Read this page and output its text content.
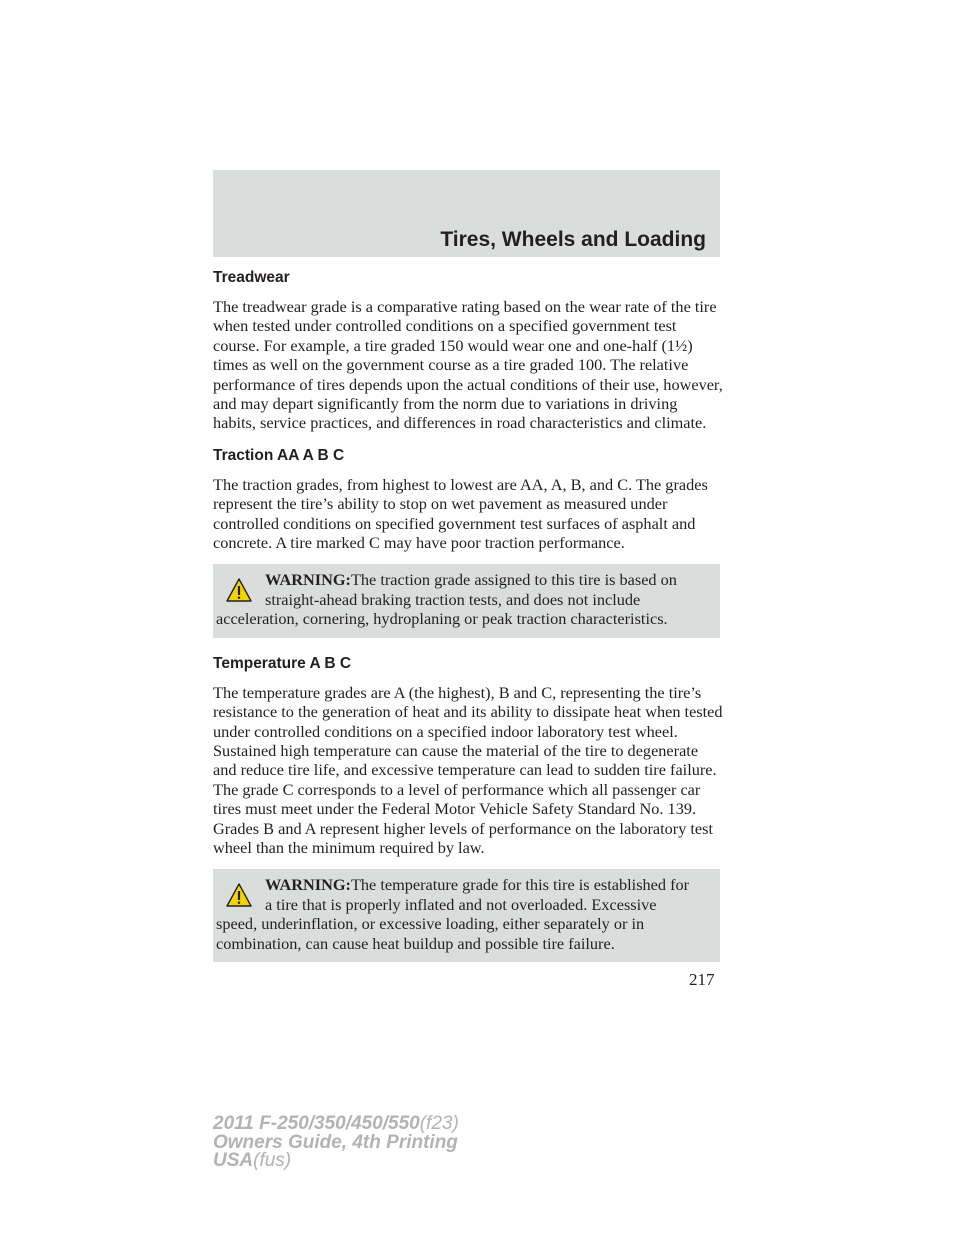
Tires, Wheels and Loading
Treadwear

The treadwear grade is a comparative rating based on the wear rate of the tire when tested under controlled conditions on a specified government test course. For example, a tire graded 150 would wear one and one-half (1½) times as well on the government course as a tire graded 100. The relative performance of tires depends upon the actual conditions of their use, however, and may depart significantly from the norm due to variations in driving habits, service practices, and differences in road characteristics and climate.

Traction AA A B C

The traction grades, from highest to lowest are AA, A, B, and C. The grades represent the tire’s ability to stop on wet pavement as measured under controlled conditions on specified government test surfaces of asphalt and concrete. A tire marked C may have poor traction performance.

WARNING:The traction grade assigned to this tire is based on straight-ahead braking traction tests, and does not include
acceleration, cornering, hydroplaning or peak traction characteristics.
Temperature A B C

The temperature grades are A (the highest), B and C, representing the tire’s resistance to the generation of heat and its ability to dissipate heat when tested under controlled conditions on a specified indoor laboratory test wheel. Sustained high temperature can cause the material of the tire to degenerate and reduce tire life, and excessive temperature can lead to sudden tire failure. The grade C corresponds to a level of performance which all passenger car tires must meet under the Federal Motor Vehicle Safety Standard No. 139. Grades B and A represent higher levels of performance on the laboratory test wheel than the minimum required by law.

WARNING:The temperature grade for this tire is established for a tire that is properly inflated and not overloaded. Excessive
speed, underinflation, or excessive loading, either separately or in combination, can cause heat buildup and possible tire failure.
217
2011 F-250/350/450/550(f23)
Owners Guide, 4th Printing
USA(fus)
